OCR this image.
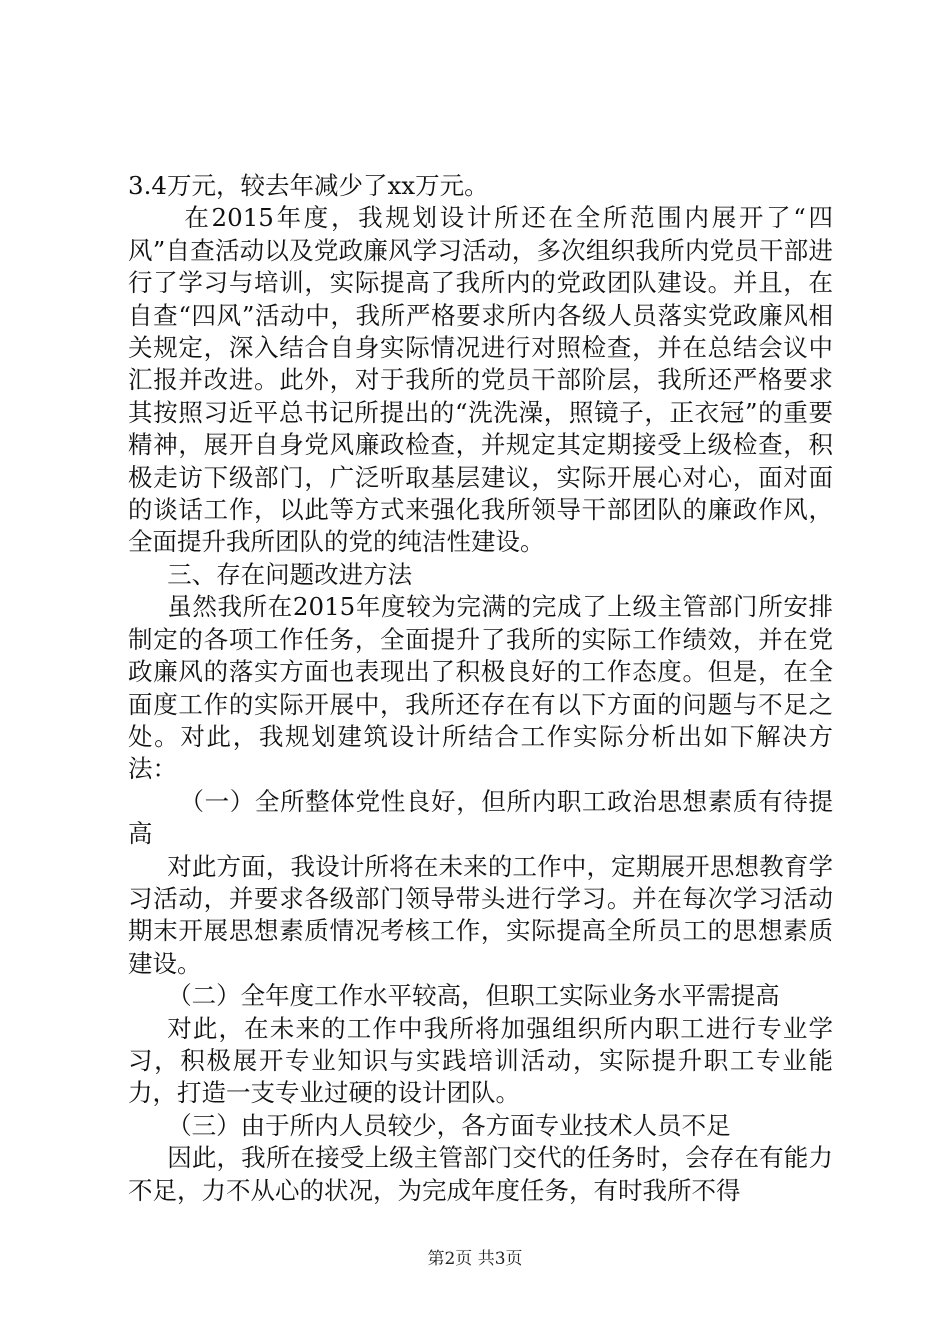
3.4万元，较去年减少了xx万元。

在2015年度，我规划设计所还在全所范围内展开了“四风”自查活动以及党政廉风学习活动，多次组织我所内党员干部进行了学习与培训，实际提高了我所内的党政团队建设。并且，在自查“四风”活动中，我所严格要求所内各级人员落实党政廉风相关规定，深入结合自身实际情况进行对照检查，并在总结会议中汇报并改进。此外，对于我所的党员干部阶层，我所还严格要求其按照习近平总书记所提出的“洗洗澡，照镜子，正衣冠”的重要精神，展开自身党风廉政检查，并规定其定期接受上级检查，积极走访下级部门，广泛听取基层建议，实际开展心对心，面对面的谈话工作，以此等方式来强化我所领导干部团队的廉政作风，全面提升我所团队的党的纯洁性建设。

三、存在问题改进方法

虽然我所在2015年度较为完满的完成了上级主管部门所安排制定的各项工作任务，全面提升了我所的实际工作绩效，并在党政廉风的落实方面也表现出了积极良好的工作态度。但是，在全面度工作的实际开展中，我所还存在有以下方面的问题与不足之处。对此，我规划建筑设计所结合工作实际分析出如下解决方法：

（一）全所整体党性良好，但所内职工政治思想素质有待提高

对此方面，我设计所将在未来的工作中，定期展开思想教育学习活动，并要求各级部门领导带头进行学习。并在每次学习活动期末开展思想素质情况考核工作，实际提高全所员工的思想素质建设。

（二）全年度工作水平较高，但职工实际业务水平需提高

对此，在未来的工作中我所将加强组织所内职工进行专业学习，积极展开专业知识与实践培训活动，实际提升职工专业能力，打造一支专业过硬的设计团队。

（三）由于所内人员较少，各方面专业技术人员不足

因此，我所在接受上级主管部门交代的任务时，会存在有能力不足，力不从心的状况，为完成年度任务，有时我所不得

第2页 共3页
